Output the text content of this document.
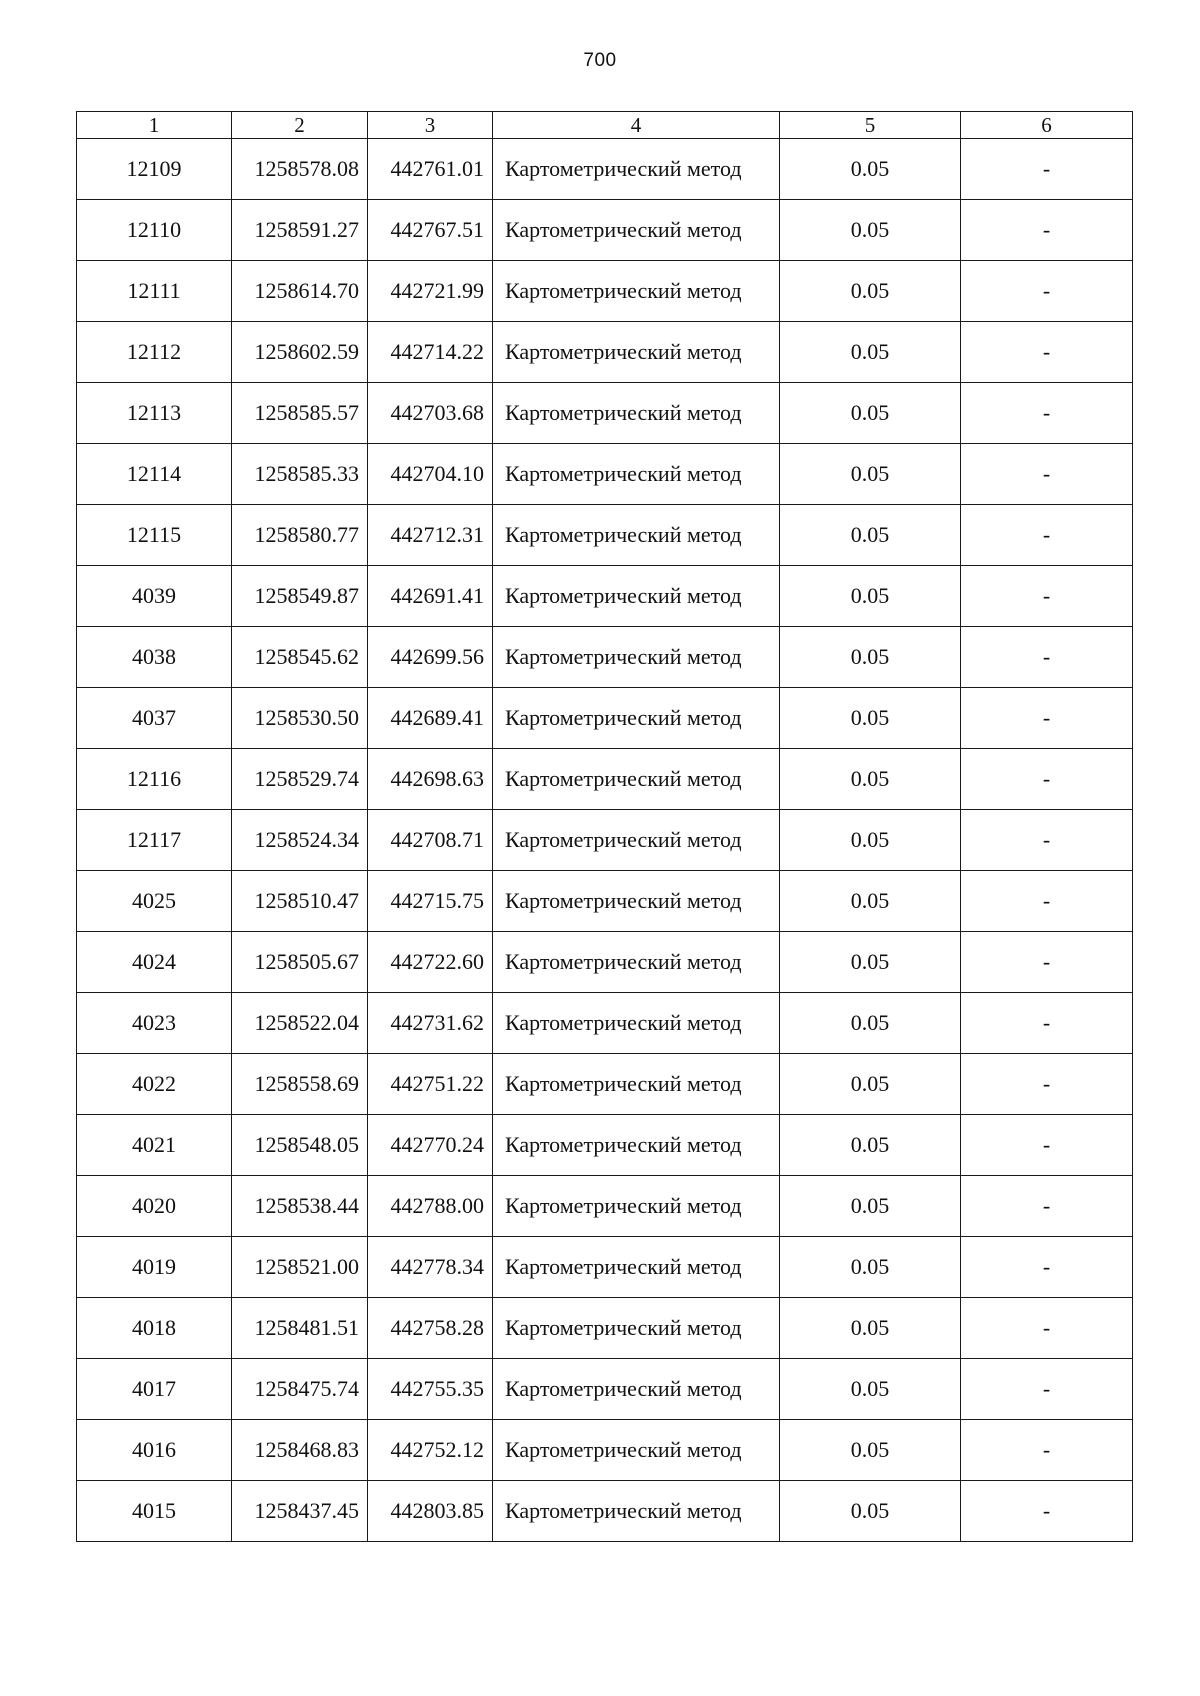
700
1	2	3	4	5	6
12109	1258578.08	442761.01	Картометрический метод	0.05	-
12110	1258591.27	442767.51	Картометрический метод	0.05	-
12111	1258614.70	442721.99	Картометрический метод	0.05	-
12112	1258602.59	442714.22	Картометрический метод	0.05	-
12113	1258585.57	442703.68	Картометрический метод	0.05	-
12114	1258585.33	442704.10	Картометрический метод	0.05	-
12115	1258580.77	442712.31	Картометрический метод	0.05	-
4039	1258549.87	442691.41	Картометрический метод	0.05	-
4038	1258545.62	442699.56	Картометрический метод	0.05	-
4037	1258530.50	442689.41	Картометрический метод	0.05	-
12116	1258529.74	442698.63	Картометрический метод	0.05	-
12117	1258524.34	442708.71	Картометрический метод	0.05	-
4025	1258510.47	442715.75	Картометрический метод	0.05	-
4024	1258505.67	442722.60	Картометрический метод	0.05	-
4023	1258522.04	442731.62	Картометрический метод	0.05	-
4022	1258558.69	442751.22	Картометрический метод	0.05	-
4021	1258548.05	442770.24	Картометрический метод	0.05	-
4020	1258538.44	442788.00	Картометрический метод	0.05	-
4019	1258521.00	442778.34	Картометрический метод	0.05	-
4018	1258481.51	442758.28	Картометрический метод	0.05	-
4017	1258475.74	442755.35	Картометрический метод	0.05	-
4016	1258468.83	442752.12	Картометрический метод	0.05	-
4015	1258437.45	442803.85	Картометрический метод	0.05	-
